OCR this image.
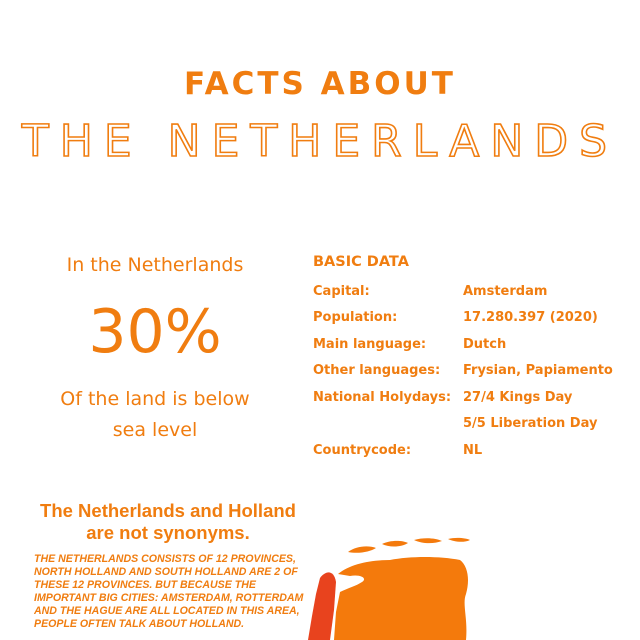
FACTS ABOUT
THE NETHERLANDS
In the Netherlands
30%
Of the land is below
sea level
BASIC DATA
Capital:	Amsterdam
Population:	17.280.397 (2020)
Main language:	Dutch
Other languages:	Frysian, Papiamento
National Holydays: 27/4 Kings Day
5/5 Liberation Day
Countrycode:	NL
The Netherlands and Holland
are not synonyms.
THE NETHERLANDS CONSISTS OF 12 PROVINCES, NORTH HOLLAND AND SOUTH HOLLAND ARE 2 OF THESE 12 PROVINCES. BUT BECAUSE THE IMPORTANT BIG CITIES: AMSTERDAM, ROTTERDAM AND THE HAGUE ARE ALL LOCATED IN THIS AREA, PEOPLE OFTEN TALK ABOUT HOLLAND.
